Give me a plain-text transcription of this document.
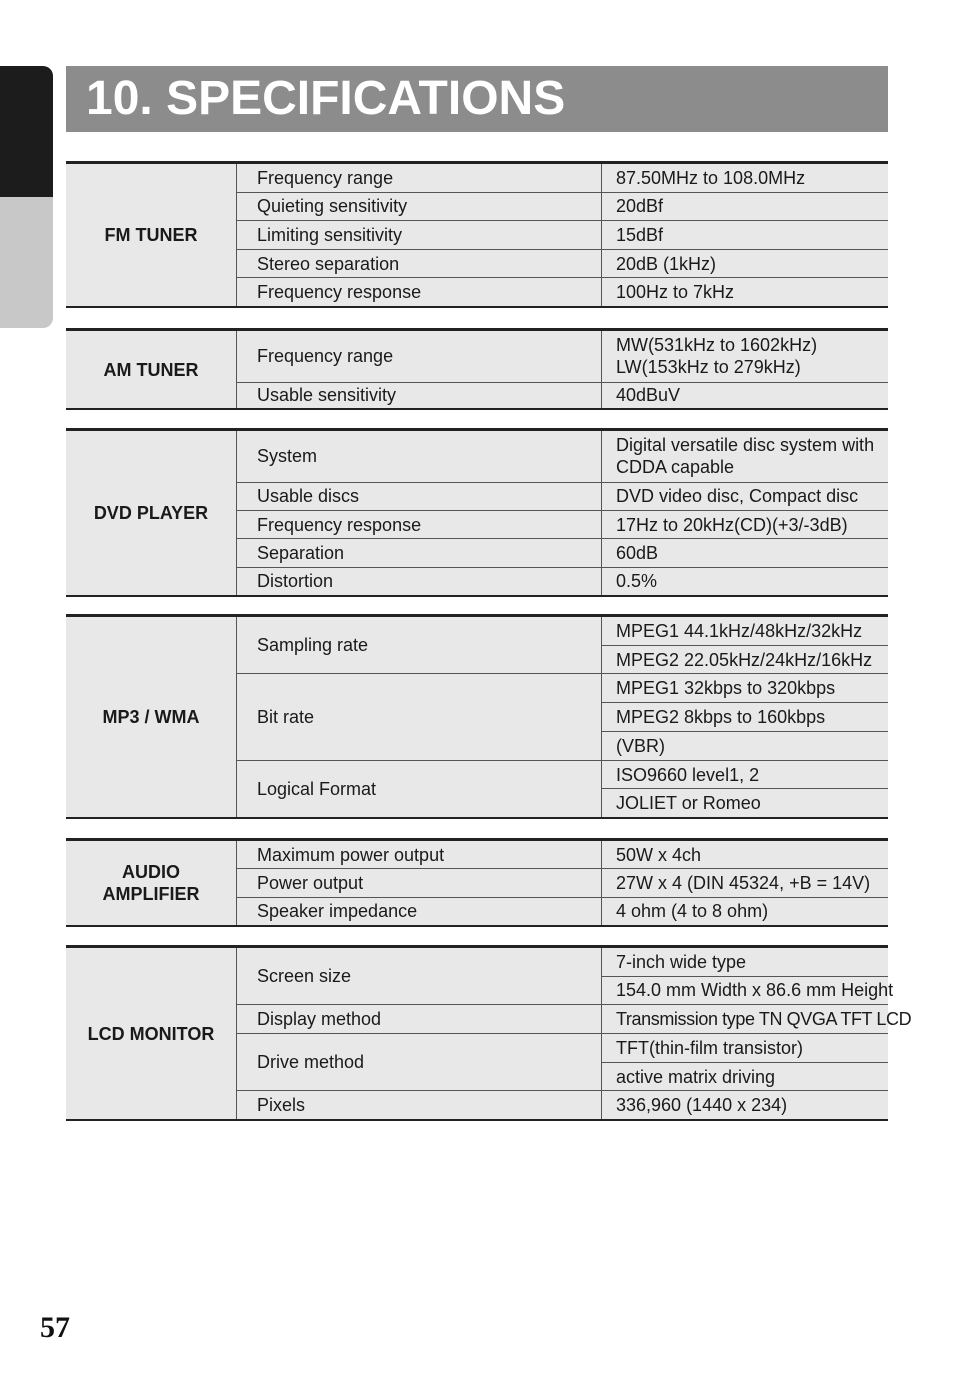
10. SPECIFICATIONS
FM TUNER	Frequency range	87.50MHz to 108.0MHz
	Quieting sensitivity	20dBf
	Limiting sensitivity	15dBf
	Stereo separation	20dB (1kHz)
	Frequency response	100Hz to 7kHz
AM TUNER	Frequency range	MW(531kHz to 1602kHz)
LW(153kHz to 279kHz)

	Usable sensitivity	40dBuV
DVD PLAYER	System	Digital versatile disc system with
CDDA capable

	Usable discs	DVD video disc, Compact disc
	Frequency response	17Hz to 20kHz(CD)(+3/-3dB)
	Separation	60dB
	Distortion	0.5%
MP3 / WMA	Sampling rate	MPEG1 44.1kHz/48kHz/32kHz
		MPEG2 22.05kHz/24kHz/16kHz
	Bit rate	MPEG1 32kbps to 320kbps
		MPEG2 8kbps to 160kbps
		(VBR)
	Logical Format	ISO9660 level1, 2
		JOLIET or Romeo
AUDIO
AMPLIFIER	Maximum power output	50W x 4ch
	Power output	27W x 4 (DIN 45324, +B = 14V)
	Speaker impedance	4 ohm (4 to 8 ohm)
LCD MONITOR	Screen size	7-inch wide type
		154.0 mm Width x 86.6 mm Height
	Display method	Transmission type TN QVGA TFT LCD
	Drive method	TFT(thin-film transistor)
		active matrix driving
	Pixels	336,960 (1440 x 234)
57
